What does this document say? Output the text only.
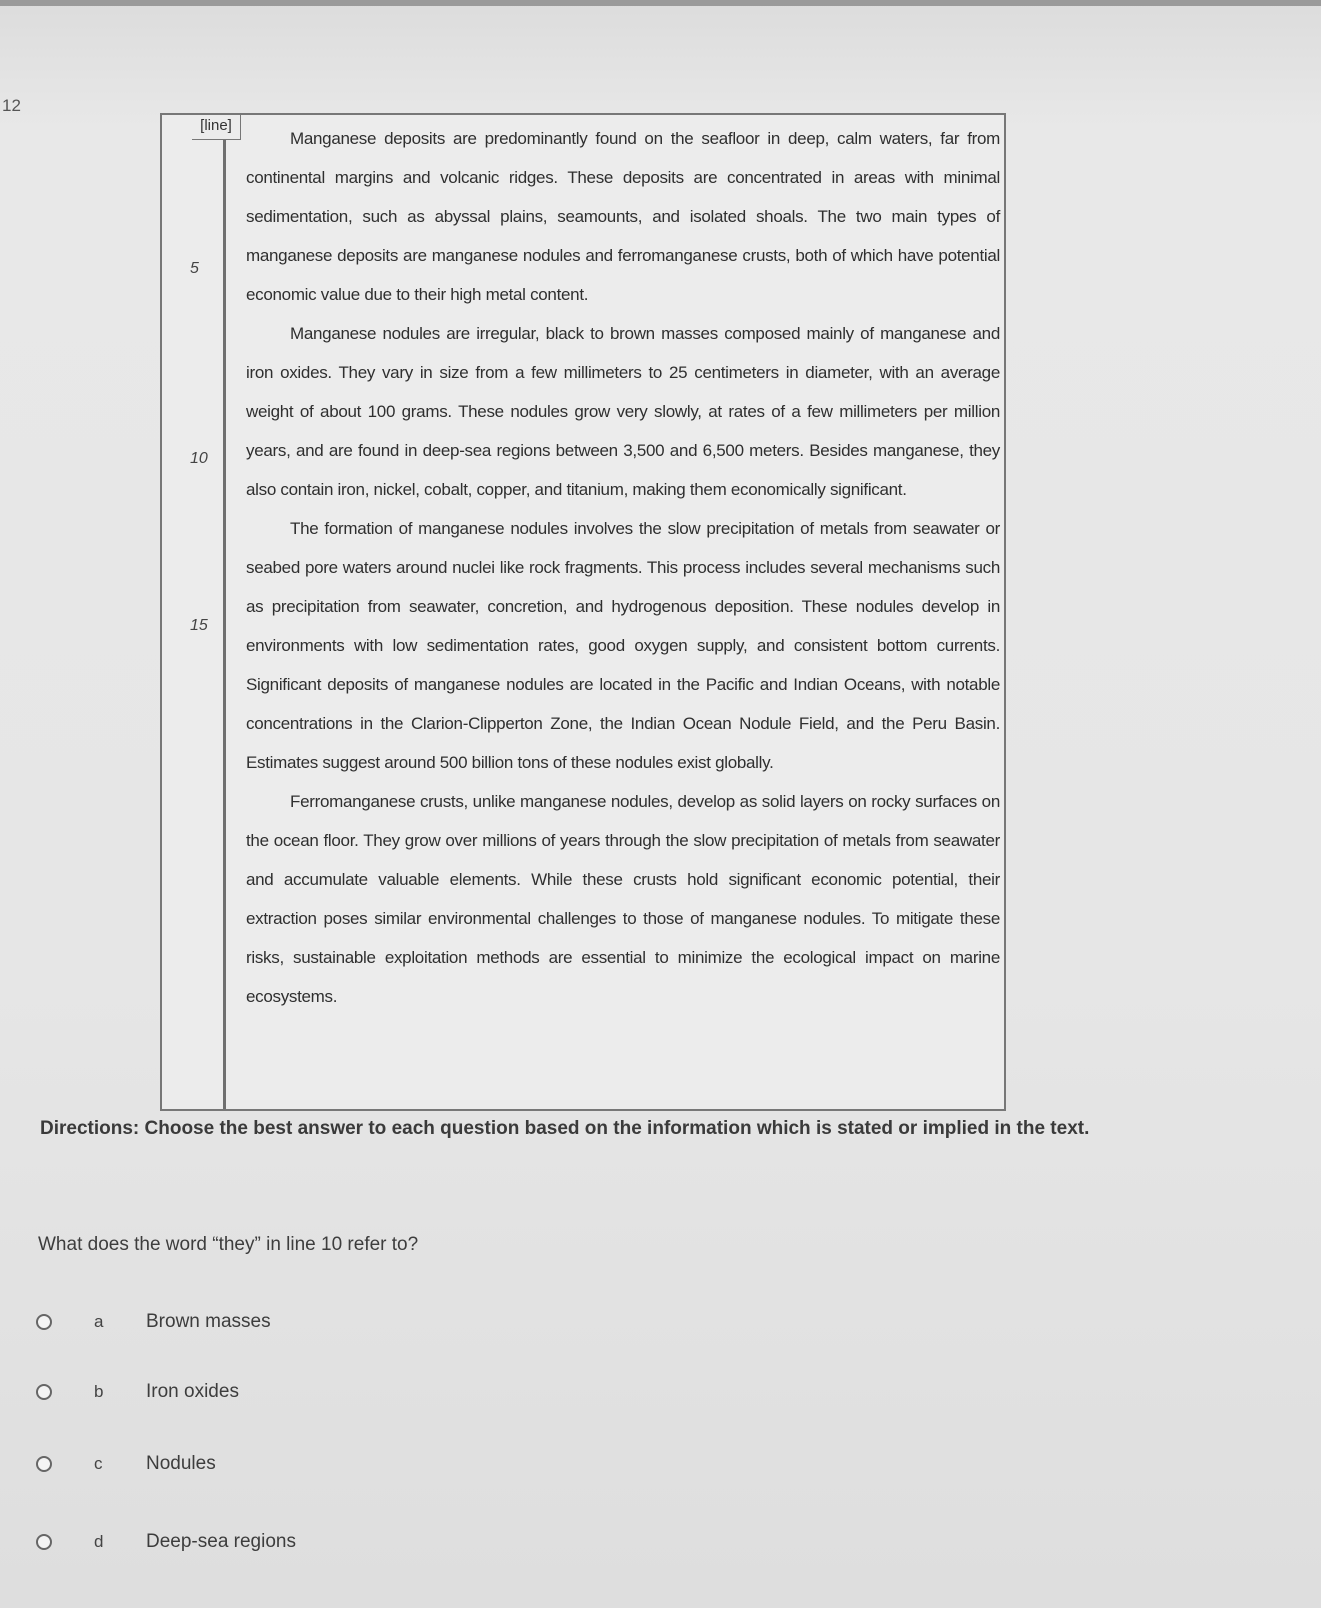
12
[line]
5
10
15

Manganese deposits are predominantly found on the seafloor in deep, calm waters, far from continental margins and volcanic ridges. These deposits are concentrated in areas with minimal sedimentation, such as abyssal plains, seamounts, and isolated shoals. The two main types of manganese deposits are manganese nodules and ferromanganese crusts, both of which have potential economic value due to their high metal content.

Manganese nodules are irregular, black to brown masses composed mainly of manganese and iron oxides. They vary in size from a few millimeters to 25 centimeters in diameter, with an average weight of about 100 grams. These nodules grow very slowly, at rates of a few millimeters per million years, and are found in deep-sea regions between 3,500 and 6,500 meters. Besides manganese, they also contain iron, nickel, cobalt, copper, and titanium, making them economically significant.

The formation of manganese nodules involves the slow precipitation of metals from seawater or seabed pore waters around nuclei like rock fragments. This process includes several mechanisms such as precipitation from seawater, concretion, and hydrogenous deposition. These nodules develop in environments with low sedimentation rates, good oxygen supply, and consistent bottom currents. Significant deposits of manganese nodules are located in the Pacific and Indian Oceans, with notable concentrations in the Clarion-Clipperton Zone, the Indian Ocean Nodule Field, and the Peru Basin. Estimates suggest around 500 billion tons of these nodules exist globally.

Ferromanganese crusts, unlike manganese nodules, develop as solid layers on rocky surfaces on the ocean floor. They grow over millions of years through the slow precipitation of metals from seawater and accumulate valuable elements. While these crusts hold significant economic potential, their extraction poses similar environmental challenges to those of manganese nodules. To mitigate these risks, sustainable exploitation methods are essential to minimize the ecological impact on marine ecosystems.

Directions: Choose the best answer to each question based on the information which is stated or implied in the text.
What does the word “they” in line 10 refer to?
a Brown masses
b Iron oxides
c Nodules
d Deep-sea regions
